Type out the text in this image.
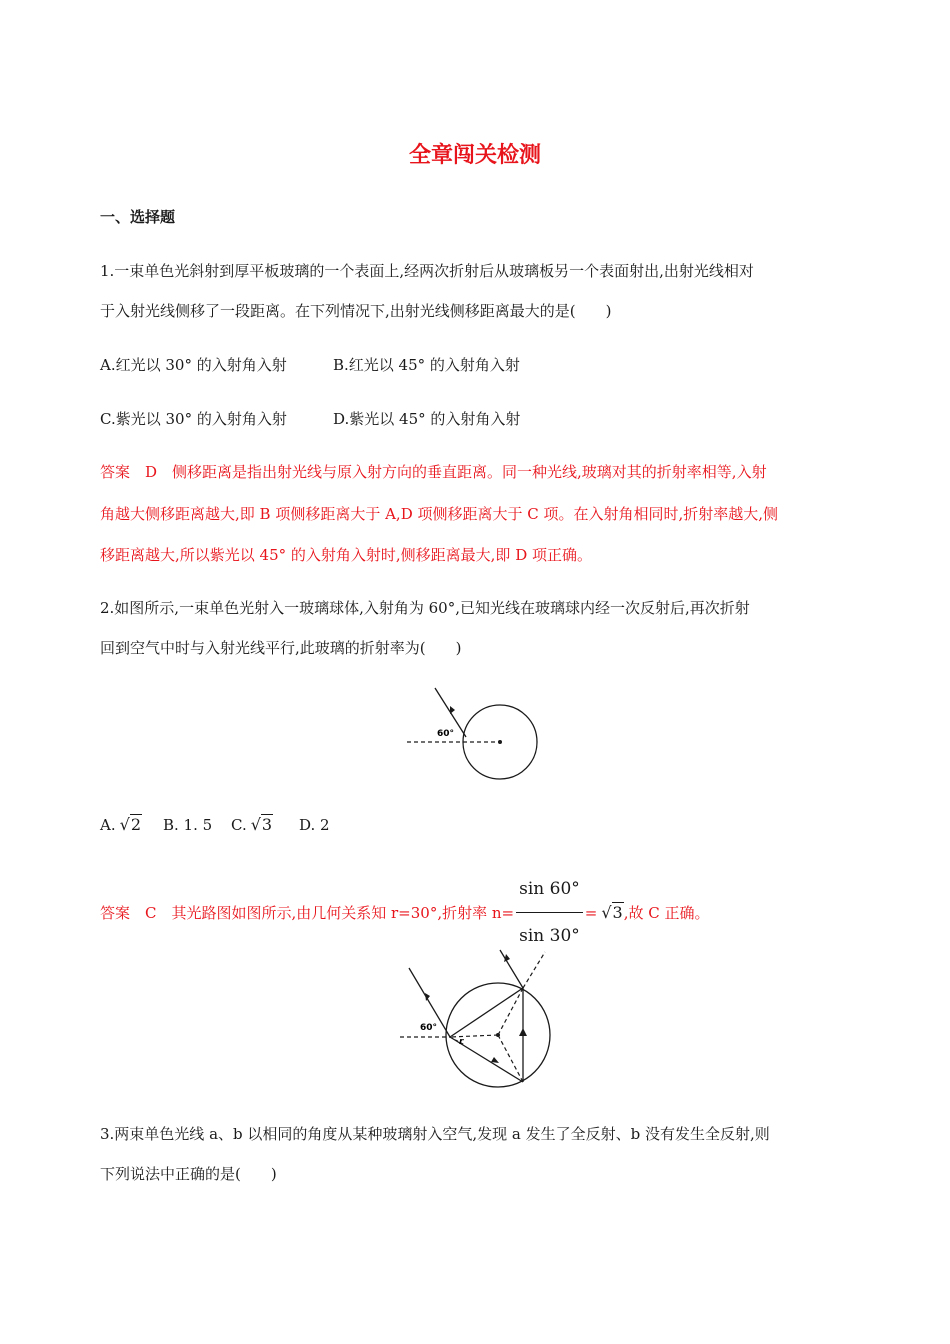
全章闯关检测
一、选择题
1.一束单色光斜射到厚平板玻璃的一个表面上,经两次折射后从玻璃板另一个表面射出,出射光线相对
于入射光线侧移了一段距离。在下列情况下,出射光线侧移距离最大的是(　　)
A.红光以 30° 的入射角入射	B.红光以 45° 的入射角入射
C.紫光以 30° 的入射角入射	D.紫光以 45° 的入射角入射
答案　D　侧移距离是指出射光线与原入射方向的垂直距离。同一种光线,玻璃对其的折射率相等,入射
角越大侧移距离越大,即 B 项侧移距离大于 A,D 项侧移距离大于 C 项。在入射角相同时,折射率越大,侧
移距离越大,所以紫光以 45° 的入射角入射时,侧移距离最大,即 D 项正确。
2.如图所示,一束单色光射入一玻璃球体,入射角为 60°,已知光线在玻璃球内经一次反射后,再次折射
回到空气中时与入射光线平行,此玻璃的折射率为(　　)
60°
A. √2 B. 1. 5 C. √3 D. 2
答案　C　其光路图如图所示,由几何关系知 r=30°,折射率 $n= \frac{\sin 60^\circ}{\sin 30^\circ} = √3$ ,故 C 正确。
60°
r
3.两束单色光线 a、b 以相同的角度从某种玻璃射入空气,发现 a 发生了全反射、b 没有发生全反射,则
下列说法中正确的是(　　)
